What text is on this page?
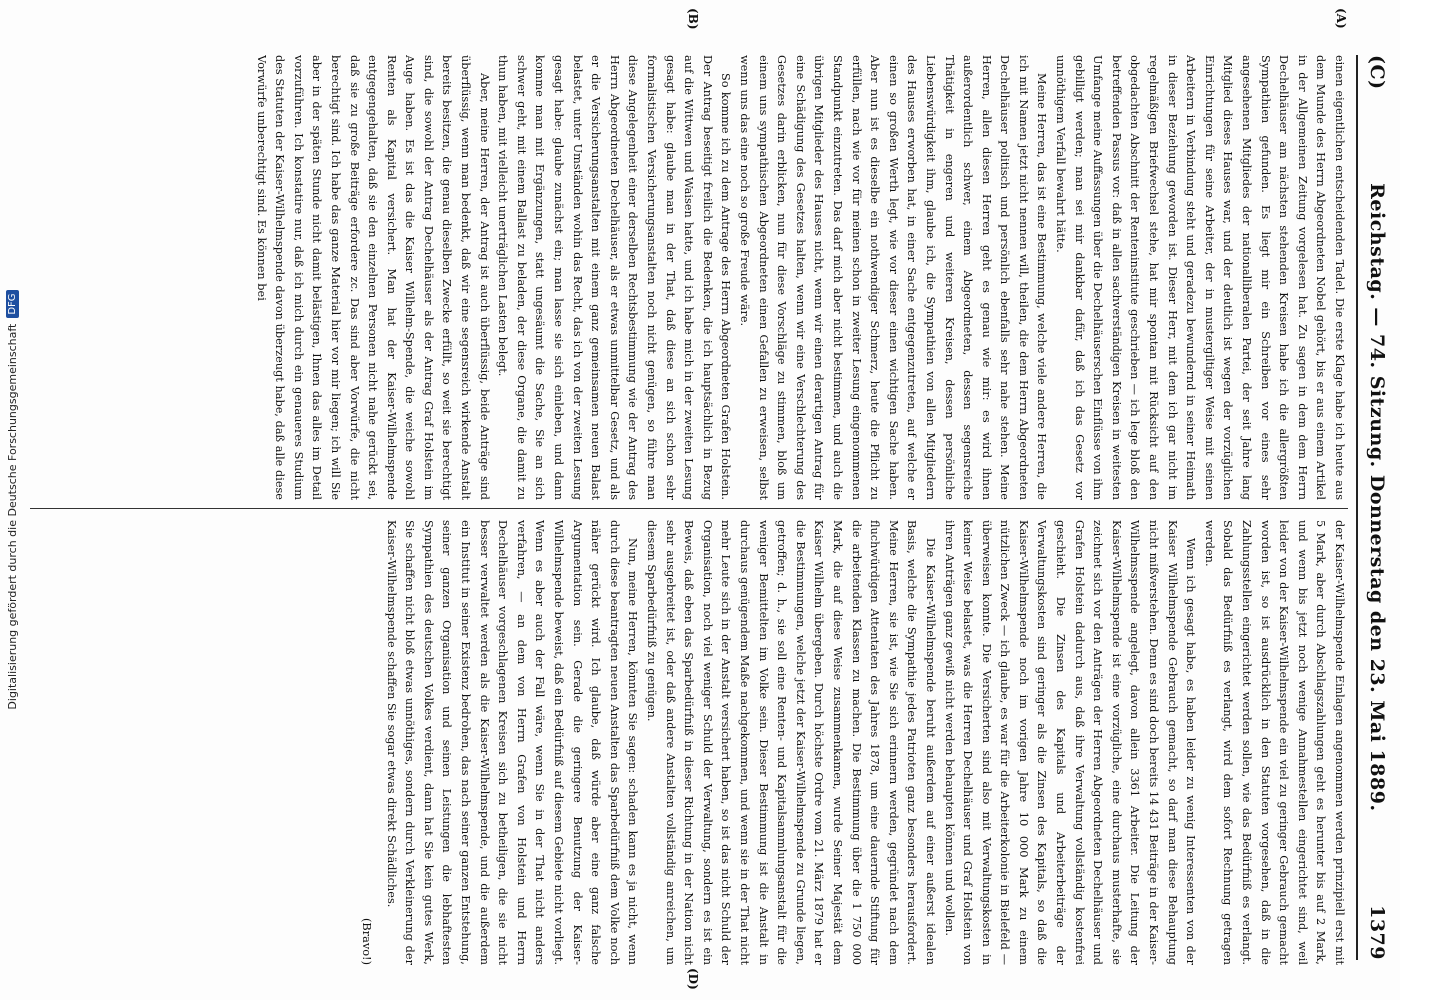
(C)
Reichstag. — 74. Sitzung. Donnerstag den 23. Mai 1889.
1379
(A)
(B)
(D)

einen eigentlichen entscheidenden Tadel. Die erste Klage habe ich heute aus dem Munde des Herrn Abgeordneten Nobel gehört, bis er aus einem Artikel in der Allgemeinen Zeitung vorgelesen hat. Zu sagen in dem dem Herrn Dechelhäuser am nächsten stehenden Kreisen habe ich die allergrößten Sympathien gefunden. Es liegt mir ein Schreiben vor eines sehr angesehenen Mitgliedes der nationalliberalen Partei, der seit Jahre lang Mitglied dieses Hauses war, und der deutlich ist wegen der vorzüglichen Einrichtungen für seine Arbeiter, der in mustergiltiger Weise mit seinen Arbeitern in Verbindung steht und geradezu bewundernd in seiner Heimath in dieser Beziehung geworden ist. Dieser Herr, mit dem ich gar nicht im regelmäßigen Briefwechsel stehe, hat mir spontan mit Rücksicht auf den obgedachten Abschnitt der Renteninstitute geschrieben — ich lege bloß den betreffenden Passus vor: daß in allen sachverständigen Kreisen in weitesten Umfange meine Auffassungen über die Dechelhäuserschen Einflüsse von ihm gebilligt werden; man sei mir dankbar dafür, daß ich das Gesetz vor unnöthigem Verfall bewahrt hätte.

Meine Herren, das ist eine Bestimmung, welche viele andere Herren, die ich mit Namen jetzt nicht nennen will, theilen, die dem Herrn Abgeordneten Dechelhäuser politisch und persönlich ebenfalls sehr nahe stehen. Meine Herren, allen diesen Herren geht es genau wie mir: es wird ihnen außerordentlich schwer, einem Abgeordneten, dessen segensreiche Thätigkeit in engeren und weiteren Kreisen, dessen persönliche Liebenswürdigkeit ihm, glaube ich, die Sympathien von allen Mitgliedern des Hauses erworben hat, in einer Sache entgegenzutreten, auf welche er einen so großen Werth legt, wie vor dieser einen wichtigen Sache haben. Aber nun ist es dieselbe ein nothwendiger Schmerz, heute die Pflicht zu erfüllen, nach wie vor für meinen schon in zweiter Lesung eingenommenen Standpunkt einzutreten. Das darf mich aber nicht bestimmen, und auch die übrigen Mitglieder des Hauses nicht, wenn wir einen derartigen Antrag für eine Schädigung des Gesetzes halten, wenn wir eine Verschlechterung des Gesetzes darin erblicken, nun für diese Vorschläge zu stimmen, bloß um einem uns sympathischen Abgeordneten einen Gefallen zu erweisen, selbst wenn uns das eine noch so große Freude wäre.

So komme ich zu dem Antrage des Herrn Abgeordneten Grafen Holstein. Der Antrag beseitigt freilich die Bedenken, die ich hauptsächlich in Bezug auf die Wittwen und Waisen hatte, und ich habe mich in der zweiten Lesung gesagt habe: glaube man in der That, daß diese an sich schon sehr formalistischen Versicherungsanstalten noch nicht genügen, so führe man diese Angelegenheit einer derselben Rechtsbestimmung wie der Antrag des Herrn Abgeordneten Dechelhäuser, als er etwas unmittelbar Gesetz, und als er die Versicherungsanstalten mit einem ganz gemeinsamen neuen Balast belastet, unter Umständen wohin das Recht, das ich von der zweiten Lesung gesagt habe: glaube zunächst ein; man lasse sie sich einleben, und dann komme man mit Ergänzungen, statt ungesäumt die Sache, Sie an sich schwer geht, mit einem Ballast zu beladen, der diese Organe, die damit zu thun haben, mit vielleicht unerträglichen Lasten belegt.

Aber, meine Herren, der Antrag ist auch überflüssig, beide Anträge sind überflüssig, wenn man bedenkt, daß wir eine segensreich wirkende Anstalt bereits besitzen, die genau dieselben Zwecke erfüllt, so weit sie berechtigt sind, die sowohl der Antrag Dechelhäuser als der Antrag Graf Holstein im Auge haben. Es ist das die Kaiser Wilhelm-Spende, die weiche sowohl Renten als Kapital versichert. Man hat der Kaiser-Wilhelmspende entgegengehalten, daß sie den einzelnen Personen nicht nahe gerückt sei, daß sie zu große Beiträge erfordere zc. Das sind aber Vorwürfe, die nicht berechtigt sind. Ich habe das ganze Material hier vor mir liegen; ich will Sie aber in der späten Stunde nicht damit belästigen, Ihnen das alles im Detail vorzuführen. Ich konstatire nur, daß ich mich durch ein genaueres Studium des Statuten der Kaiser-Wilhelmspende davon überzeugt habe, daß alle diese Vorwürfe unberechtigt sind. Es können bei

der Kaiser-Wilhelmspende Einlagen angenommen werden prinzipiell erst mit 5 Mark, aber durch Abschlagszahlungen geht es herunter bis auf 2 Mark, und wenn bis jetzt noch wenige Annahmestellen eingerichtet sind, weil leider von der Kaiser-Wilhelmspende ein viel zu geringer Gebrauch gemacht worden ist, so ist ausdrücklich in den Statuten vorgesehen, daß in die Zahlungsstellen eingerichtet werden sollen, wie das Bedürfniß es verlangt. Sobald das Bedürfniß es verlangt, wird dem sofort Rechnung getragen werden.

Wenn ich gesagt habe, es haben leider zu wenig Interessenten von der Kaiser Wilhelmspende Gebrauch gemacht, so darf man diese Behauptung nicht mißverstehen. Denn es sind doch bereits 14 431 Beiträge in der Kaiser-Wilhelmsspende angelegt, davon allein 3361 Arbeiter. Die Leitung der Kaiser-Wilhelmspende ist eine vorzügliche, eine durchaus musterhafte, sie zeichnet sich vor den Anträgen der Herren Abgeordneten Dechelhäuser und Grafen Holstein dadurch aus, daß ihre Verwaltung vollständig kostenfrei geschieht. Die Zinsen des Kapitals und Arbeiterbeiträge der Verwaltungskosten sind geringer als die Zinsen des Kapitals, so daß die Kaiser-Wilhelmspende noch im vorigen Jahre 10 000 Mark zu einem nützlichen Zweck — ich glaube, es war für die Arbeiterkolonie in Bielefeld — überweisen konnte. Die Versicherten sind also mit Verwaltungskosten in keiner Weise belastet, was die Herren Dechelhäuser und Graf Holstein von ihren Anträgen ganz gewiß nicht werden behaupten können und wollen.

Die Kaiser-Wilhelmspende beruht außerdem auf einer außerst idealen Basis, welche die Sympathie jedes Patrioten ganz besonders herausfordert. Meine Herren, sie ist, wie Sie sich erinnern werden, gegründet nach dem fluchwürdigen Attentaten des Jahres 1878, um eine dauernde Stiftung für die arbeitenden Klassen zu machen. Die Bestimmung über die 1 750 000 Mark, die auf diese Weise zusammenkamen, wurde Seiner Majestät dem Kaiser Wilhelm übergeben. Durch höchste Ordre vom 21. März 1879 hat er die Bestimmungen, welche jetzt der Kaiser-Wilhelmspende zu Grunde liegen, getroffen; d. h., sie soll eine Renten- und Kapitalsammlungsanstalt für die weniger Bemittelten im Volke sein. Dieser Bestimmung ist die Anstalt in durchaus genügendem Maße nachgekommen, und wenn sie in der That nicht mehr Leute sich in der Anstalt versichert haben, so ist das nicht Schuld der Organisation, noch viel weniger Schuld der Verwaltung, sondern es ist ein Beweis, daß eben das Sparbedürfniß in dieser Richtung in der Nation nicht sehr ausgebreitet ist, oder daß andere Anstalten vollständig anreichen, um diesem Sparbedürfniß zu genügen.

Nun, meine Herren, könnten Sie sagen: schaden kann es ja nicht, wenn durch diese beantragten neuen Anstalten das Sparbedürfniß dem Volke noch näher gerückt wird. Ich glaube, daß würde aber eine ganz falsche Argumentation sein. Gerade die geringere Benutzung der Kaiser-Wilhelmspende beweist, daß ein Bedürfniß auf diesem Gebiete nicht vorliegt. Wenn es aber auch der Fall wäre, wenn Sie in der That nicht anders verfahren, — an dem von Herrn Grafen von Holstein und Herrn Dechelhäuser vorgeschlagenen Kreisen sich zu betheiligen, die sie nicht besser verwaltet werden als die Kaiser-Wilhelmspende, und die außerdem ein Institut in seiner Existenz bedrohen, das nach seiner ganzen Entstehung, seiner ganzen Organisation und seinen Leistungen die lebhaftesten Sympathien des deutschen Volkes verdient, dann hat Sie kein gutes Werk, Sie schaffen nicht bloß etwas unnöthiges, sondern durch Verkleinerung der Kaiser-Wilhelmspende schaffen Sie sogar etwas direkt Schädliches.

(Bravo!)

Digitalisierung gefördert durch die Deutsche Forschungsgemeinschaft
DFG
